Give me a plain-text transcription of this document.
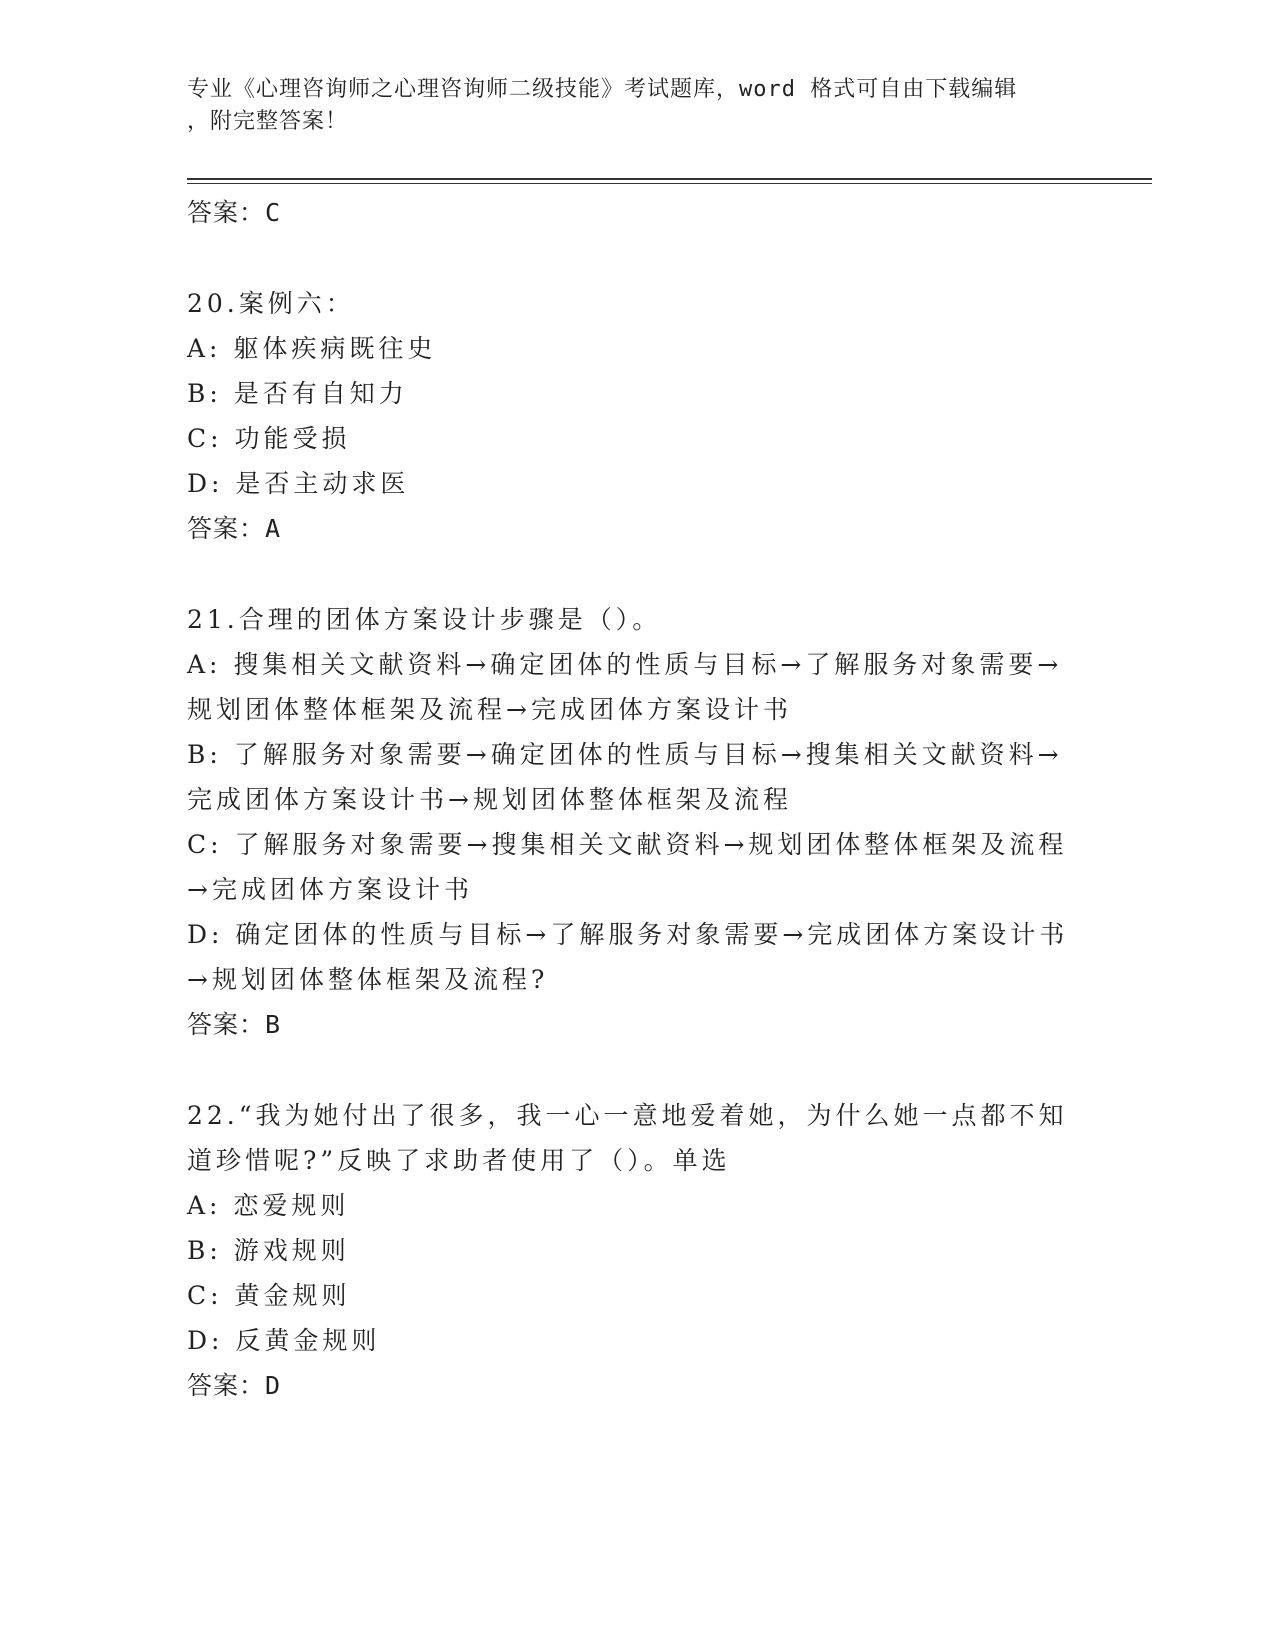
专业《心理咨询师之心理咨询师二级技能》考试题库，word 格式可自由下载编辑
，附完整答案！
答案：C
20.案例六：
A: 躯体疾病既往史
B: 是否有自知力
C: 功能受损
D: 是否主动求医
答案：A
21.合理的团体方案设计步骤是（）。
A: 搜集相关文献资料→确定团体的性质与目标→了解服务对象需要→
规划团体整体框架及流程→完成团体方案设计书
B: 了解服务对象需要→确定团体的性质与目标→搜集相关文献资料→
完成团体方案设计书→规划团体整体框架及流程
C: 了解服务对象需要→搜集相关文献资料→规划团体整体框架及流程
→完成团体方案设计书
D: 确定团体的性质与目标→了解服务对象需要→完成团体方案设计书
→规划团体整体框架及流程?
答案：B
22.“我为她付出了很多，我一心一意地爱着她，为什么她一点都不知
道珍惜呢?”反映了求助者使用了（）。单选
A: 恋爱规则
B: 游戏规则
C: 黄金规则
D: 反黄金规则
答案：D
